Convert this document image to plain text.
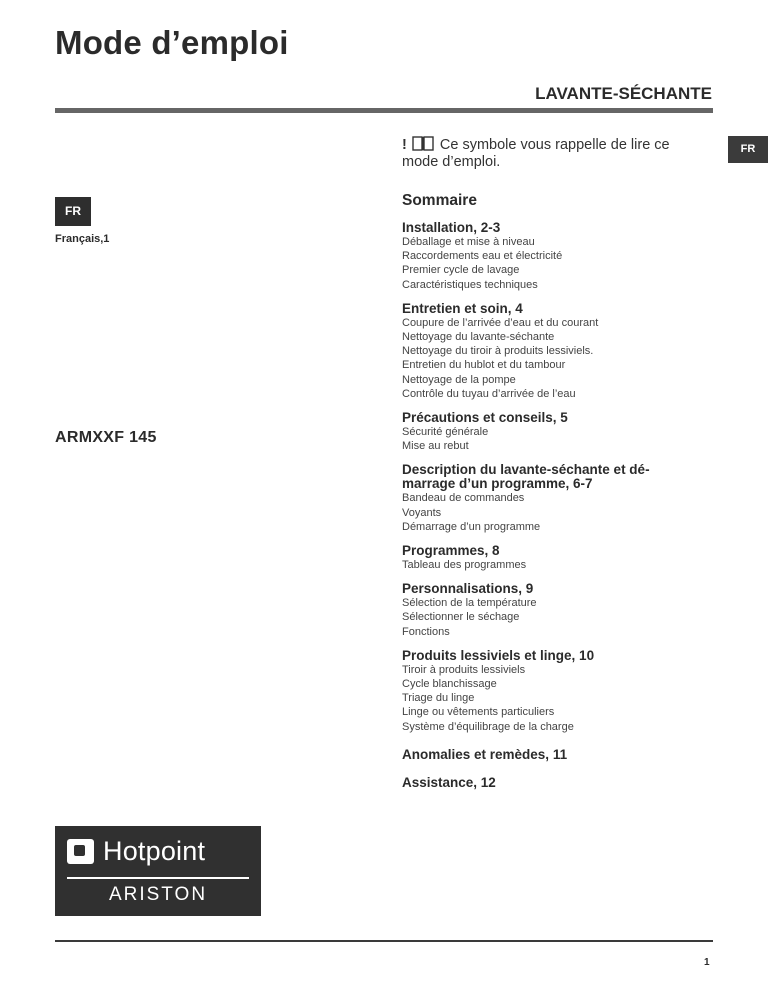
Mode d’emploi
LAVANTE-SÉCHANTE
FR
FR
Français,1
ARMXXF 145
! Ce symbole vous rappelle de lire ce mode d’emploi.
Sommaire
Installation, 2-3
Déballage et mise à niveau
Raccordements eau et électricité
Premier cycle de lavage
Caractéristiques techniques
Entretien et soin, 4
Coupure de l’arrivée d’eau et du courant
Nettoyage du lavante-séchante
Nettoyage du tiroir à produits lessiviels.
Entretien du hublot et du tambour
Nettoyage de la pompe
Contrôle du tuyau d’arrivée de l’eau
Précautions et conseils, 5
Sécurité générale
Mise au rebut
Description du lavante-séchante et dé-
marrage d’un programme, 6-7
Bandeau de commandes
Voyants
Démarrage d’un programme
Programmes, 8
Tableau des programmes
Personnalisations, 9
Sélection de la température
Sélectionner le séchage
Fonctions
Produits lessiviels et linge, 10
Tiroir à produits lessiviels
Cycle blanchissage
Triage du linge
Linge ou vêtements particuliers
Système d’équilibrage de la charge
Anomalies et remèdes, 11
Assistance, 12
Hotpoint
ARISTON
1
